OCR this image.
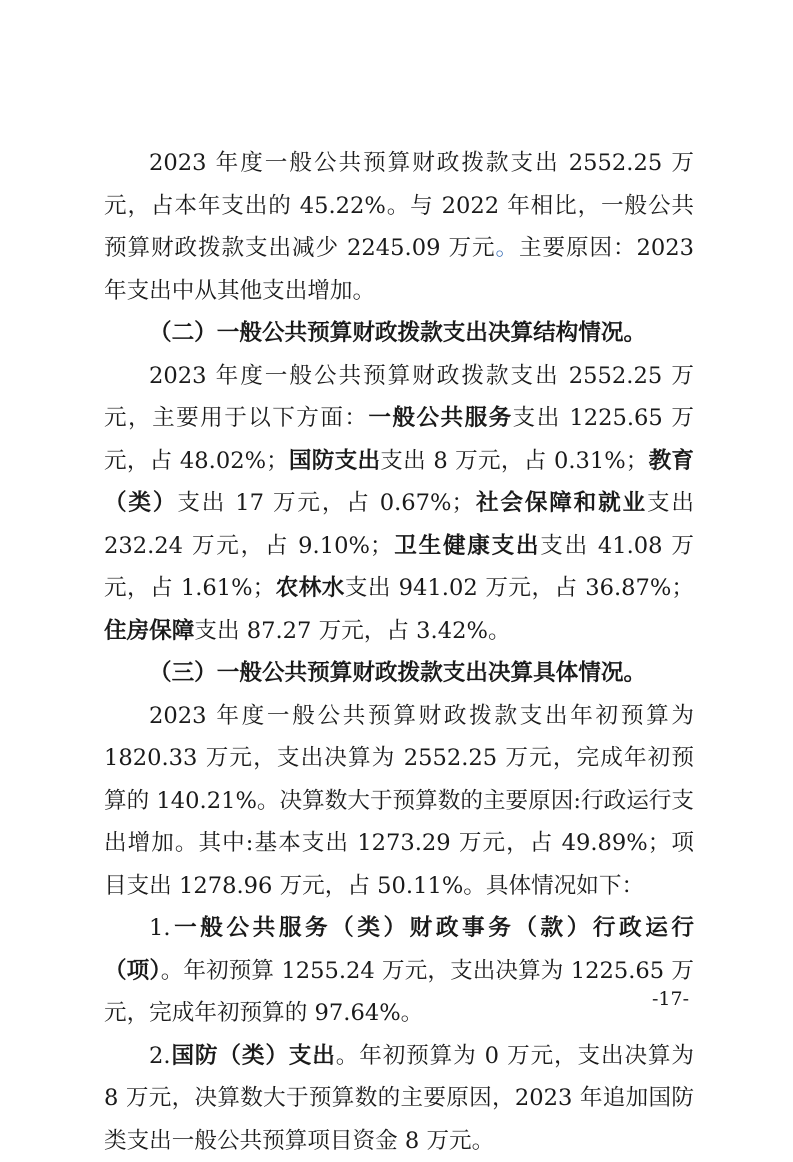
2023 年度一般公共预算财政拨款支出 2552.25 万元，占本年支出的 45.22%。与 2022 年相比，一般公共预算财政拨款支出减少 2245.09 万元。主要原因：2023 年支出中从其他支出增加。

（二）一般公共预算财政拨款支出决算结构情况。

2023 年度一般公共预算财政拨款支出 2552.25 万元，主要用于以下方面：一般公共服务支出 1225.65 万元，占 48.02%；国防支出支出 8 万元，占 0.31%；教育（类）支出 17 万元，占 0.67%；社会保障和就业支出 232.24 万元，占 9.10%；卫生健康支出支出 41.08 万元，占 1.61%；农林水支出 941.02 万元，占 36.87%；住房保障支出 87.27 万元，占 3.42%。

（三）一般公共预算财政拨款支出决算具体情况。

2023 年度一般公共预算财政拨款支出年初预算为 1820.33 万元，支出决算为 2552.25 万元，完成年初预算的 140.21%。决算数大于预算数的主要原因:行政运行支出增加。其中:基本支出 1273.29 万元，占 49.89%；项目支出 1278.96 万元，占 50.11%。具体情况如下：

1.一般公共服务（类）财政事务（款）行政运行（项）。年初预算 1255.24 万元，支出决算为 1225.65 万元，完成年初预算的 97.64%。

2.国防（类）支出。年初预算为 0 万元，支出决算为 8 万元，决算数大于预算数的主要原因，2023 年追加国防类支出一般公共预算项目资金 8 万元。

-17-
